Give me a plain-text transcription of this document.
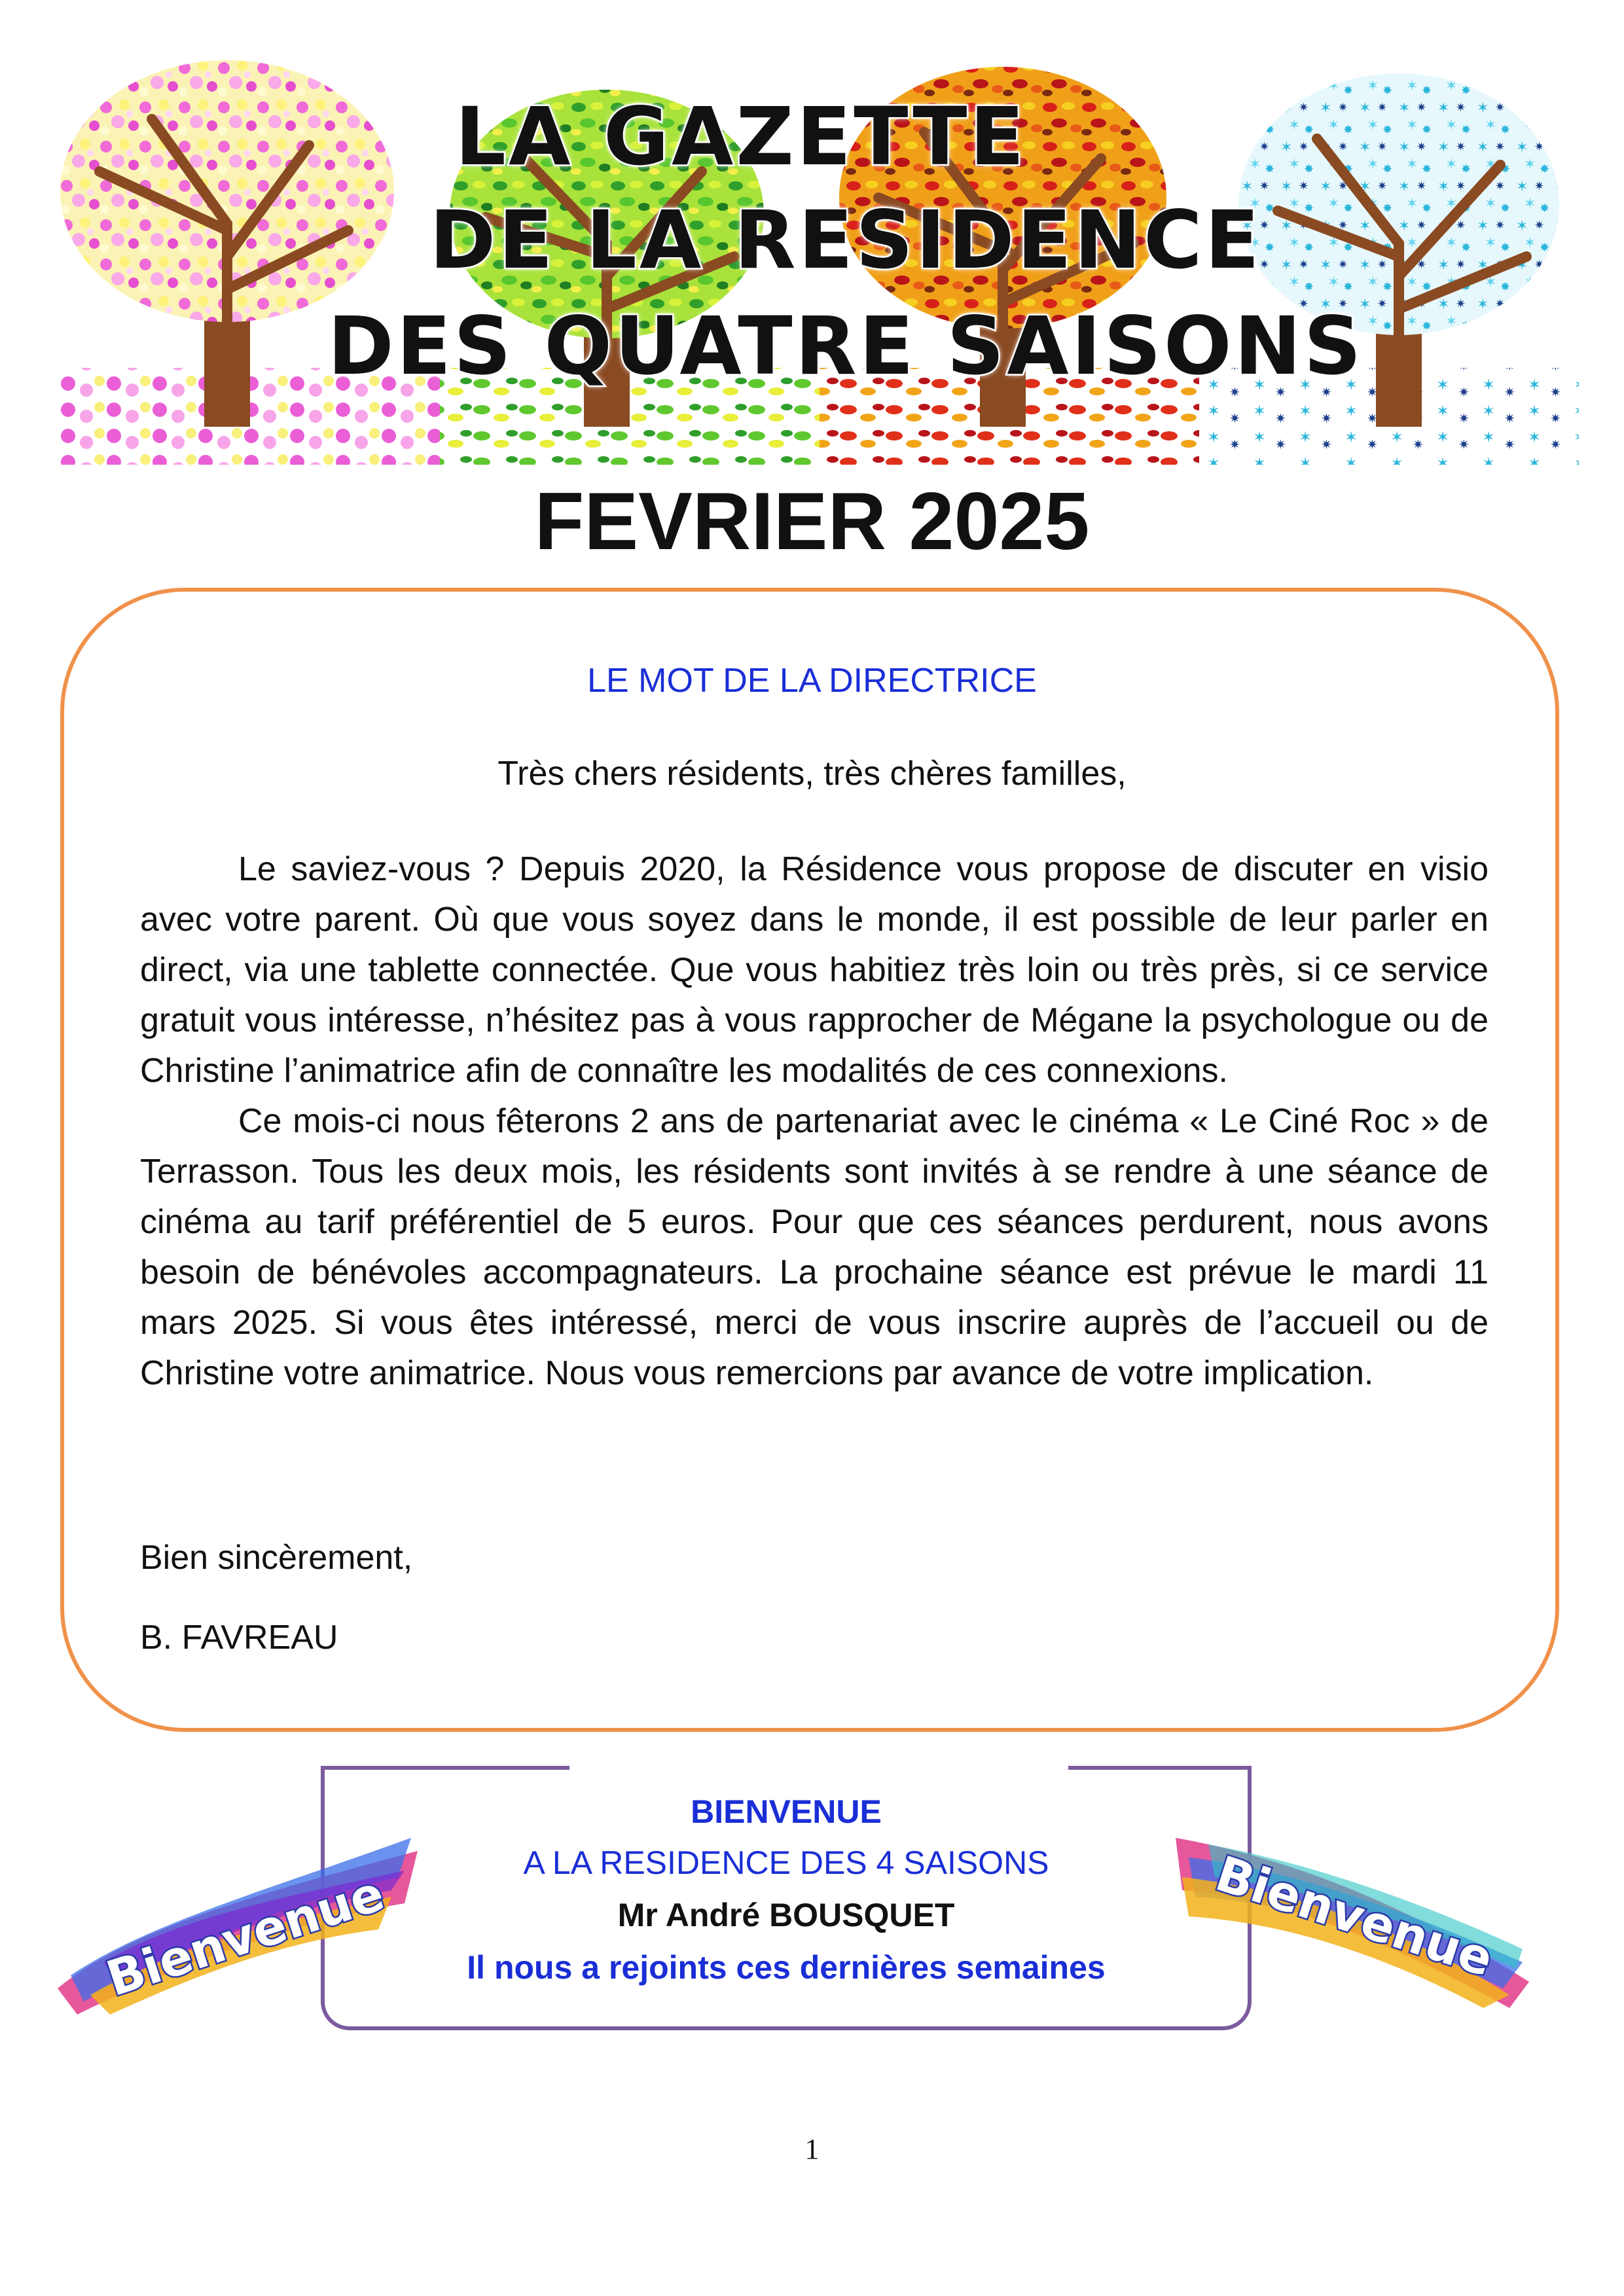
LA GAZETTE
DE LA RESIDENCE
DES QUATRE SAISONS
FEVRIER 2025
LE MOT DE LA DIRECTRICE
Très chers résidents, très chères familles,

Le saviez-vous ? Depuis 2020, la Résidence vous propose de discuter en visio avec votre parent. Où que vous soyez dans le monde, il est possible de leur parler en direct, via une tablette connectée. Que vous habitiez très loin ou très près, si ce service gratuit vous intéresse, n’hésitez pas à vous rapprocher de Mégane la psychologue ou de Christine l’animatrice afin de connaître les modalités de ces connexions.

Ce mois-ci nous fêterons 2 ans de partenariat avec le cinéma « Le Ciné Roc » de Terrasson. Tous les deux mois, les résidents sont invités à se rendre à une séance de cinéma au tarif préférentiel de 5 euros. Pour que ces séances perdurent, nous avons besoin de bénévoles accompagnateurs. La prochaine séance est prévue le mardi 11 mars 2025. Si vous êtes intéressé, merci de vous inscrire auprès de l’accueil ou de Christine votre animatrice. Nous vous remercions par avance de votre implication.

Bien sincèrement,
B. FAVREAU
BIENVENUE
A LA RESIDENCE DES 4 SAISONS
Mr André BOUSQUET
Il nous a rejoints ces dernières semaines
Bienvenue	Bienvenue
1
